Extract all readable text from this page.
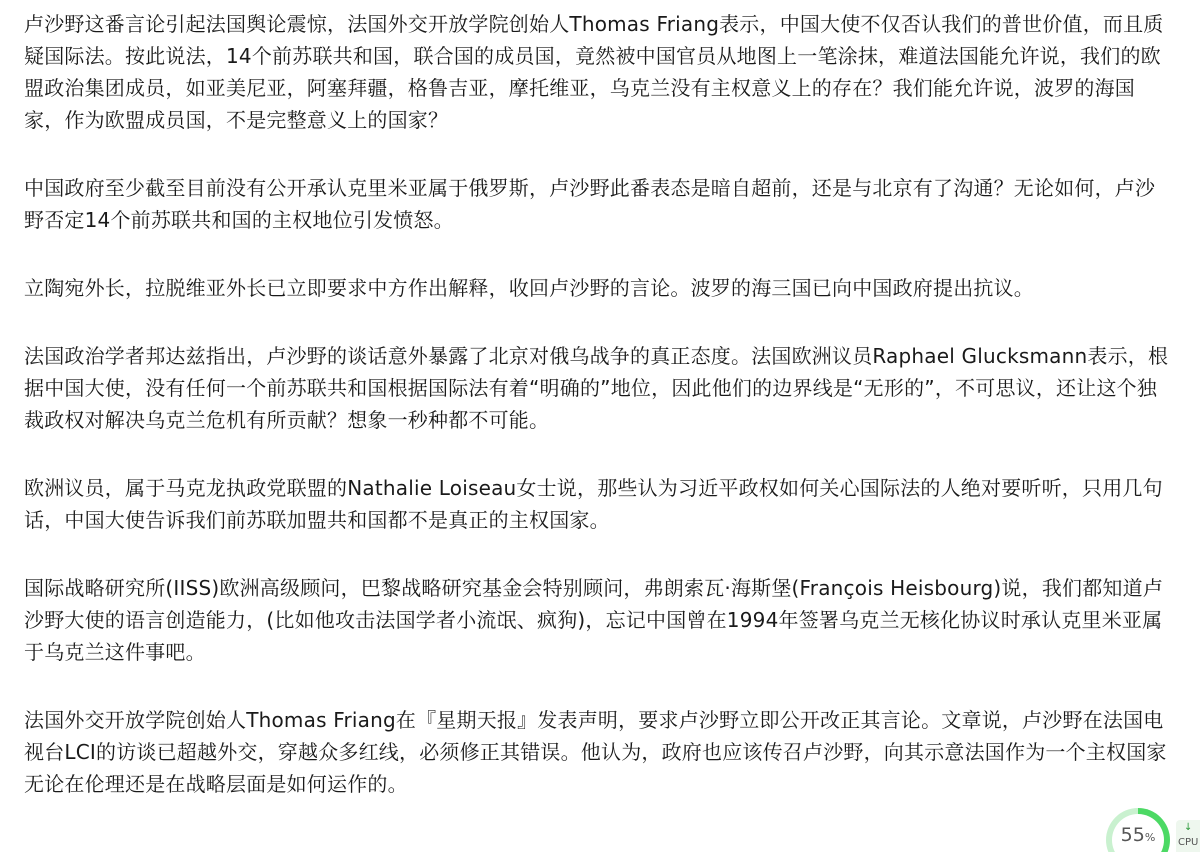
卢沙野这番言论引起法国舆论震惊，法国外交开放学院创始人Thomas Friang表示，中国大使不仅否认我们的普世价值，而且质疑国际法。按此说法，14个前苏联共和国，联合国的成员国，竟然被中国官员从地图上一笔涂抹，难道法国能允许说，我们的欧盟政治集团成员，如亚美尼亚，阿塞拜疆，格鲁吉亚，摩托维亚，乌克兰没有主权意义上的存在？我们能允许说，波罗的海国家，作为欧盟成员国，不是完整意义上的国家？

中国政府至少截至目前没有公开承认克里米亚属于俄罗斯，卢沙野此番表态是暗自超前，还是与北京有了沟通？无论如何，卢沙野否定14个前苏联共和国的主权地位引发愤怒。

立陶宛外长，拉脱维亚外长已立即要求中方作出解释，收回卢沙野的言论。波罗的海三国已向中国政府提出抗议。

法国政治学者邦达兹指出，卢沙野的谈话意外暴露了北京对俄乌战争的真正态度。法国欧洲议员Raphael Glucksmann表示，根据中国大使，没有任何一个前苏联共和国根据国际法有着“明确的”地位，因此他们的边界线是“无形的”，不可思议，还让这个独裁政权对解决乌克兰危机有所贡献？想象一秒种都不可能。

欧洲议员，属于马克龙执政党联盟的Nathalie Loiseau女士说，那些认为习近平政权如何关心国际法的人绝对要听听，只用几句话，中国大使告诉我们前苏联加盟共和国都不是真正的主权国家。

国际战略研究所(IISS)欧洲高级顾问，巴黎战略研究基金会特别顾问，弗朗索瓦·海斯堡(François Heisbourg)说，我们都知道卢沙野大使的语言创造能力，(比如他攻击法国学者小流氓、疯狗)，忘记中国曾在1994年签署乌克兰无核化协议时承认克里米亚属于乌克兰这件事吧。

法国外交开放学院创始人Thomas Friang在『星期天报』发表声明，要求卢沙野立即公开改正其言论。文章说，卢沙野在法国电视台LCI的访谈已超越外交，穿越众多红线，必须修正其错误。他认为，政府也应该传召卢沙野，向其示意法国作为一个主权国家无论在伦理还是在战略层面是如何运作的。

55%
↓
CPU
